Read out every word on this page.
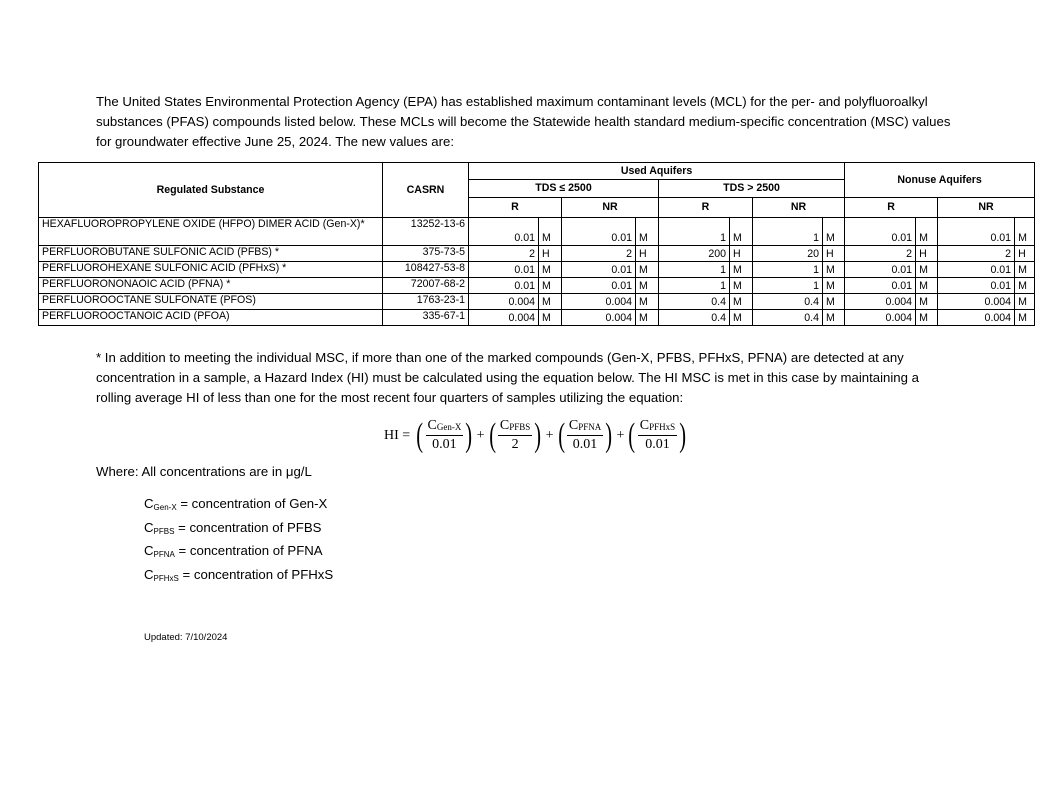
The United States Environmental Protection Agency (EPA) has established maximum contaminant levels (MCL) for the per- and polyfluoroalkyl

substances (PFAS) compounds listed below. These MCLs will become the Statewide health standard medium-specific concentration (MSC) values

for groundwater effective June 25, 2024. The new values are:

Regulated Substance	CASRN	Used Aquifers								Nonuse Aquifers			
		TDS ≤ 2500				TDS > 2500							
		R		NR		R		NR		R		NR	
HEXAFLUOROPROPYLENE OXIDE (HFPO) DIMER ACID (Gen-X)*	13252-13-6	0.01	M	0.01	M	1	M	1	M	0.01	M	0.01	M
PERFLUOROBUTANE SULFONIC ACID (PFBS) *	375-73-5	2	H	2	H	200	H	20	H	2	H	2	H
PERFLUOROHEXANE SULFONIC ACID (PFHxS) *	108427-53-8	0.01	M	0.01	M	1	M	1	M	0.01	M	0.01	M
PERFLUORONONAOIC ACID (PFNA) *	72007-68-2	0.01	M	0.01	M	1	M	1	M	0.01	M	0.01	M
PERFLUOROOCTANE SULFONATE (PFOS)	1763-23-1	0.004	M	0.004	M	0.4	M	0.4	M	0.004	M	0.004	M
PERFLUOROOCTANOIC ACID (PFOA)	335-67-1	0.004	M	0.004	M	0.4	M	0.4	M	0.004	M	0.004	M

* In addition to meeting the individual MSC, if more than one of the marked compounds (Gen-X, PFBS, PFHxS, PFNA) are detected at any

concentration in a sample, a Hazard Index (HI) must be calculated using the equation below. The HI MSC is met in this case by maintaining a

rolling average HI of less than one for the most recent four quarters of samples utilizing the equation:

HI = ( $C_{Gen-X}$
0.01 ) + ( $C_{PFBS}$
2 ) + ( $C_{PFNA}$
0.01 ) + ( $C_{PFHxS}$
0.01 )
Where: All concentrations are in μg/L
$C_{Gen-X}$ = concentration of Gen-X
$C_{PFBS}$ = concentration of PFBS
$C_{PFNA}$ = concentration of PFNA
$C_{PFHxS}$ = concentration of PFHxS
Updated: 7/10/2024
